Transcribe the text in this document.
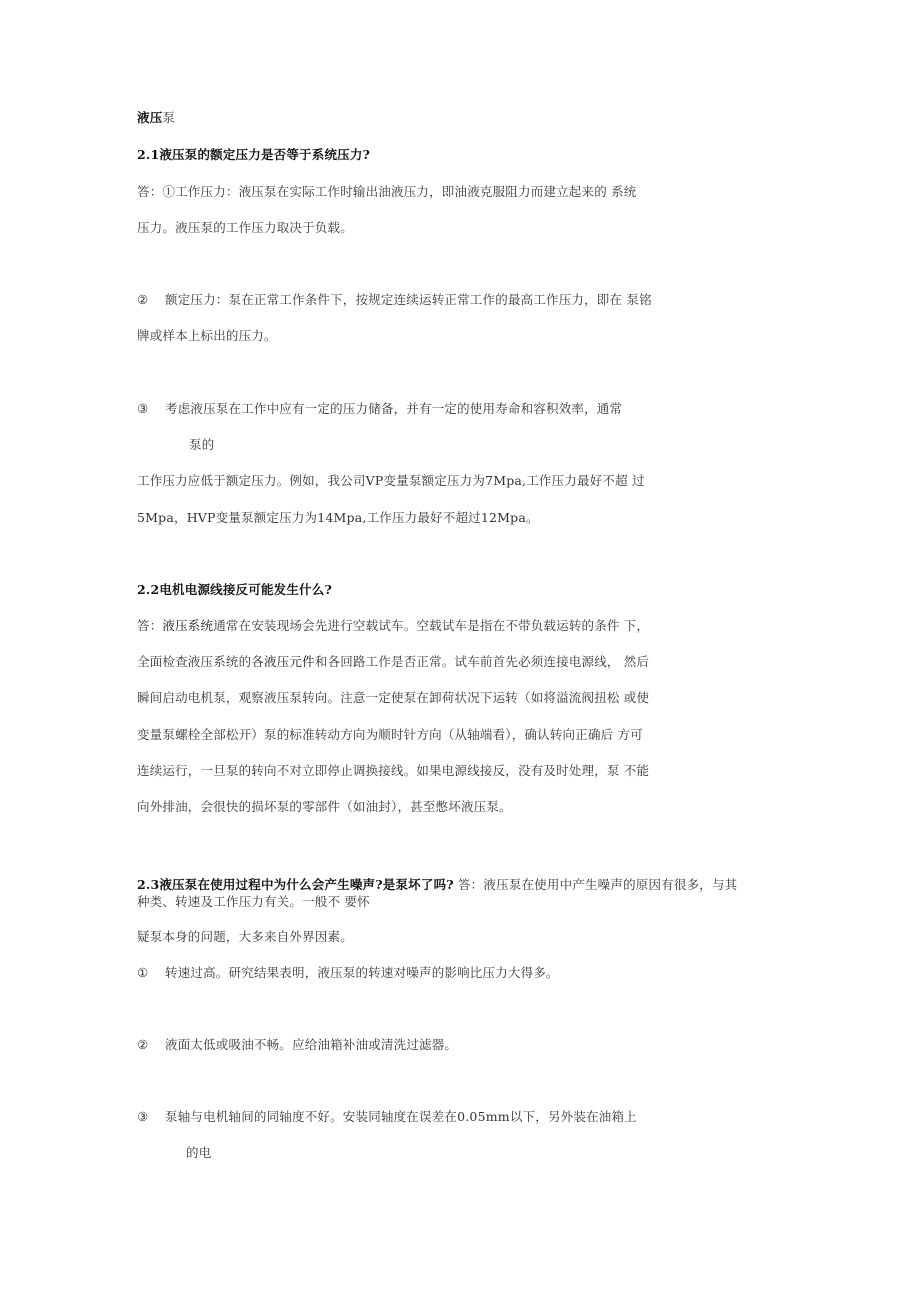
液压泵
2.1液压泵的额定压力是否等于系统压力?
答：①工作压力：液压泵在实际工作时输出油液压力，即油液克服阻力而建立起来的 系统
压力。液压泵的工作压力取决于负载。
② 额定压力：泵在正常工作条件下，按规定连续运转正常工作的最高工作压力，即在 泵铭
牌或样本上标出的压力。
③ 考虑液压泵在工作中应有一定的压力储备，并有一定的使用寿命和容积效率，通常
泵的
工作压力应低于额定压力。例如，我公司VP变量泵额定压力为7Mpa,工作压力最好不超 过
5Mpa，HVP变量泵额定压力为14Mpa,工作压力最好不超过12Mpa。
2.2电机电源线接反可能发生什么?
答：液压系统通常在安装现场会先进行空载试车。空载试车是指在不带负载运转的条件 下，
全面检查液压系统的各液压元件和各回路工作是否正常。试车前首先必须连接电源线， 然后
瞬间启动电机泵，观察液压泵转向。注意一定使泵在卸荷状况下运转（如将溢流阀扭松 或使
变量泵螺栓全部松开）泵的标准转动方向为顺时针方向（从轴端看），确认转向正确后 方可
连续运行，一旦泵的转向不对立即停止调换接线。如果电源线接反，没有及时处理，泵 不能
向外排油，会很快的损坏泵的零部件（如油封），甚至憋坏液压泵。
2.3液压泵在使用过程中为什么会产生噪声?是泵坏了吗? 答：液压泵在使用中产生噪声的原因有很多，与其
种类、转速及工作压力有关。一般不 要怀
疑泵本身的问题，大多来自外界因素。
① 转速过高。研究结果表明，液压泵的转速对噪声的影响比压力大得多。
② 液面太低或吸油不畅。应给油箱补油或清洗过滤器。
③ 泵轴与电机轴间的同轴度不好。安装同轴度在误差在0.05mm以下，另外装在油箱上
的电
